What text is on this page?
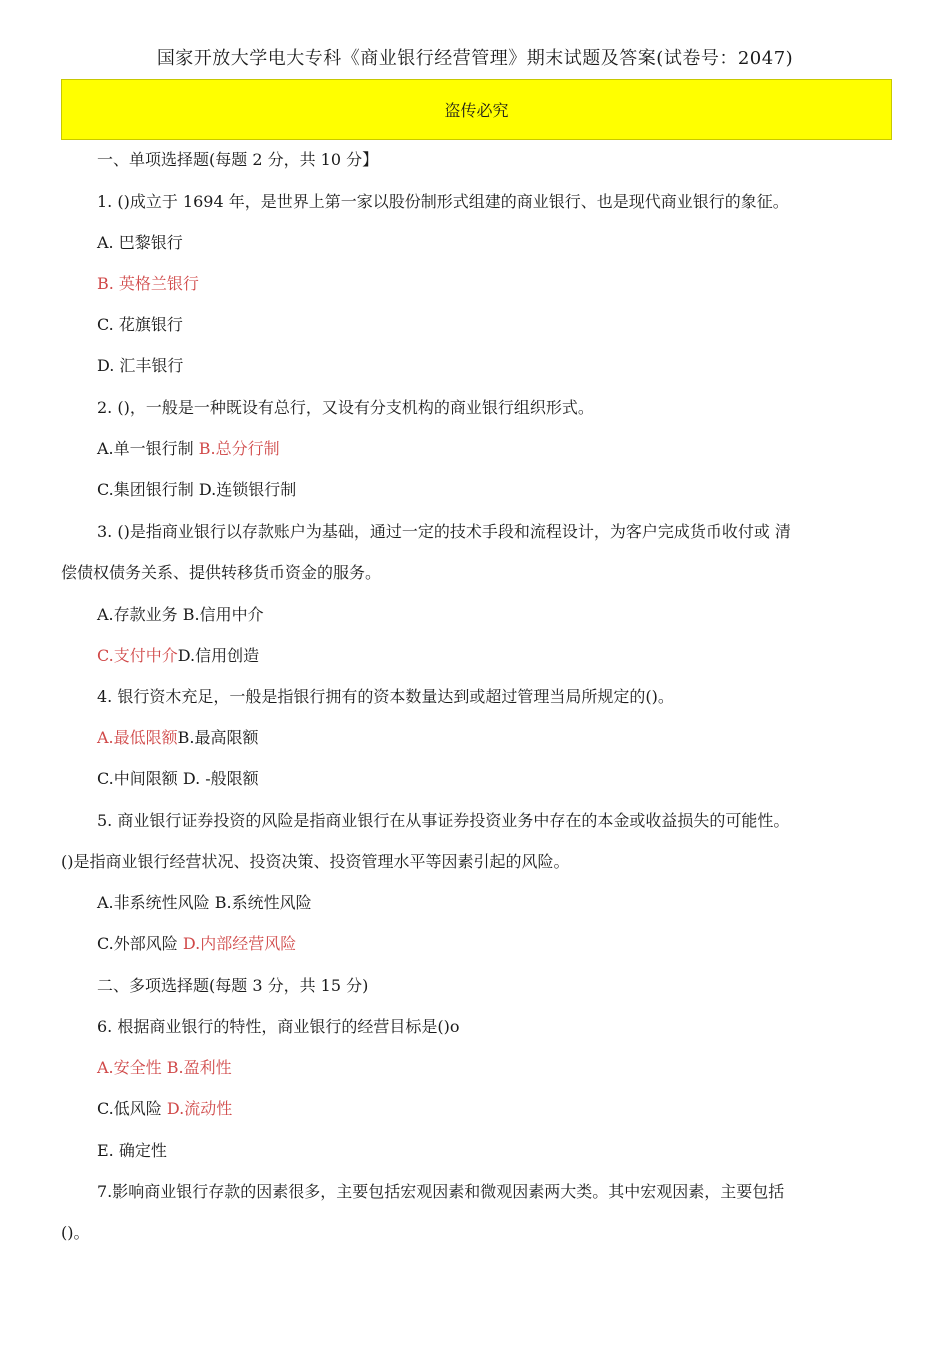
国家开放大学电大专科《商业银行经营管理》期末试题及答案(试卷号：2047)
盗传必究
一、单项选择题(每题 2 分，共 10 分】
1. ()成立于 1694 年，是世界上第一家以股份制形式组建的商业银行、也是现代商业银行的象征。
A. 巴黎银行
B. 英格兰银行
C. 花旗银行
D. 汇丰银行
2. ()，一般是一种既设有总行，又设有分支机构的商业银行组织形式。
A.单一银行制 B.总分行制
C.集团银行制 D.连锁银行制
3. ()是指商业银行以存款账户为基础，通过一定的技术手段和流程设计，为客户完成货币收付或 清
偿债权债务关系、提供转移货币资金的服务。
A.存款业务 B.信用中介
C.支付中介D.信用创造
4. 银行资木充足，一般是指银行拥有的资本数量达到或超过管理当局所规定的()。
A.最低限额B.最高限额
C.中间限额 D. -般限额
5. 商业银行证券投资的风险是指商业银行在从事证券投资业务中存在的本金或收益损失的可能性。
()是指商业银行经营状况、投资决策、投资管理水平等因素引起的风险。
A.非系统性风险 B.系统性风险
C.外部风险 D.内部经营风险
二、多项选择题(每题 3 分，共 15 分)
6. 根据商业银行的特性，商业银行的经营目标是()o
A.安全性 B.盈利性
C.低风险 D.流动性
E. 确定性
7.影响商业银行存款的因素很多，主要包括宏观因素和微观因素两大类。其中宏观因素，主要包括
()。
